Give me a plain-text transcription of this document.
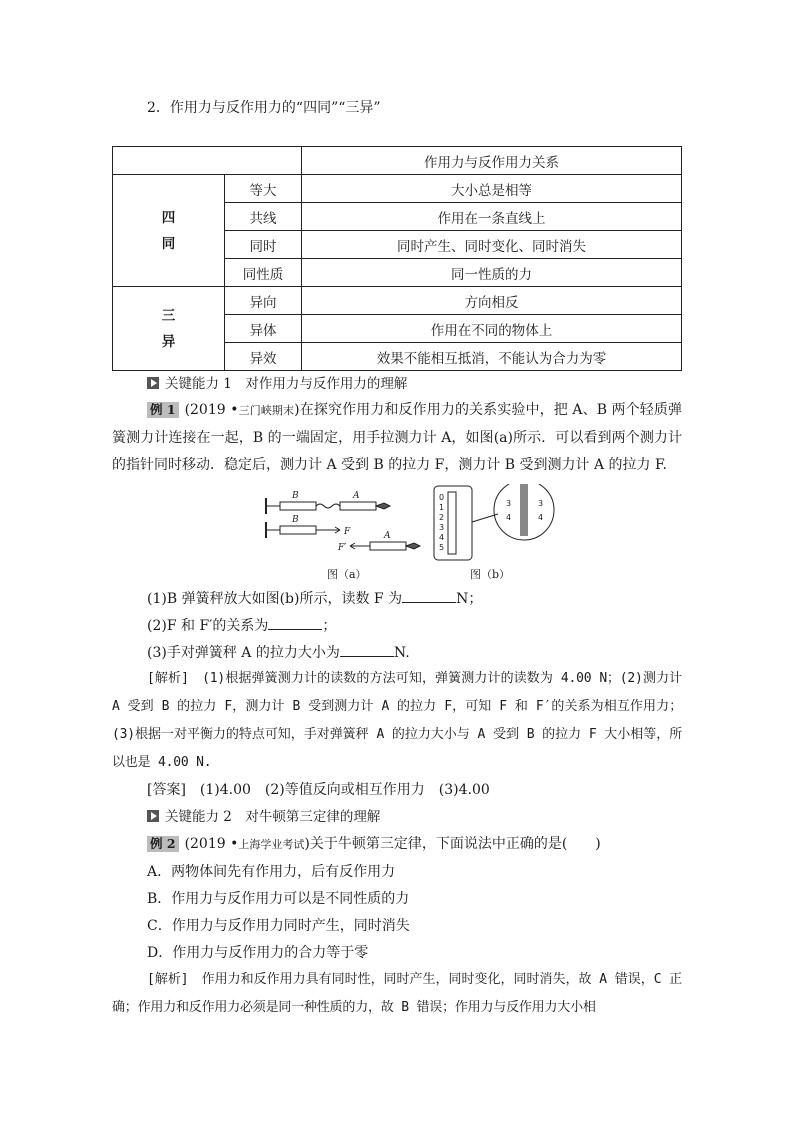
2．作用力与反作用力的“四同”“三异”
		作用力与反作用力关系

四
同	等大	大小总是相等
	共线	作用在一条直线上
	同时	同时产生、同时变化、同时消失
	同性质	同一性质的力

三
异	异向	方向相反
	异体	作用在不同的物体上
	异效	效果不能相互抵消，不能认为合力为零
关键能力 1　对作用力与反作用力的理解
例 1 (2019 •三门峡期末)在探究作用力和反作用力的关系实验中，把 A、B 两个轻质弹簧测力计连接在一起，B 的一端固定，用手拉测力计 A，如图(a)所示．可以看到两个测力计的指针同时移动．稳定后，测力计 A 受到 B 的拉力 F，测力计 B 受到测力计 A 的拉力 F.
B	A
B
F
F′
A
0
1
2
3
4
5
3
4
3
4
图（a）	图（b）
(1)B 弹簧秤放大如图(b)所示，读数 F 为	N；
(2)F 和 F′的关系为	；
(3)手对弹簧秤 A 的拉力大小为	N.
[解析]　(1)根据弹簧测力计的读数的方法可知，弹簧测力计的读数为 4.00 N；(2)测力计 A 受到 B 的拉力 F，测力计 B 受到测力计 A 的拉力 F，可知 F 和 F′的关系为相互作用力；(3)根据一对平衡力的特点可知，手对弹簧秤 A 的拉力大小与 A 受到 B 的拉力 F 大小相等，所以也是 4.00 N.
[答案]　(1)4.00　(2)等值反向或相互作用力　(3)4.00
关键能力 2　对牛顿第三定律的理解
例 2 (2019 •上海学业考试)关于牛顿第三定律，下面说法中正确的是(　　)
A．两物体间先有作用力，后有反作用力
B．作用力与反作用力可以是不同性质的力
C．作用力与反作用力同时产生，同时消失
D．作用力与反作用力的合力等于零
[解析]　作用力和反作用力具有同时性，同时产生，同时变化，同时消失，故 A 错误，C 正确；作用力和反作用力必须是同一种性质的力，故 B 错误；作用力与反作用力大小相
